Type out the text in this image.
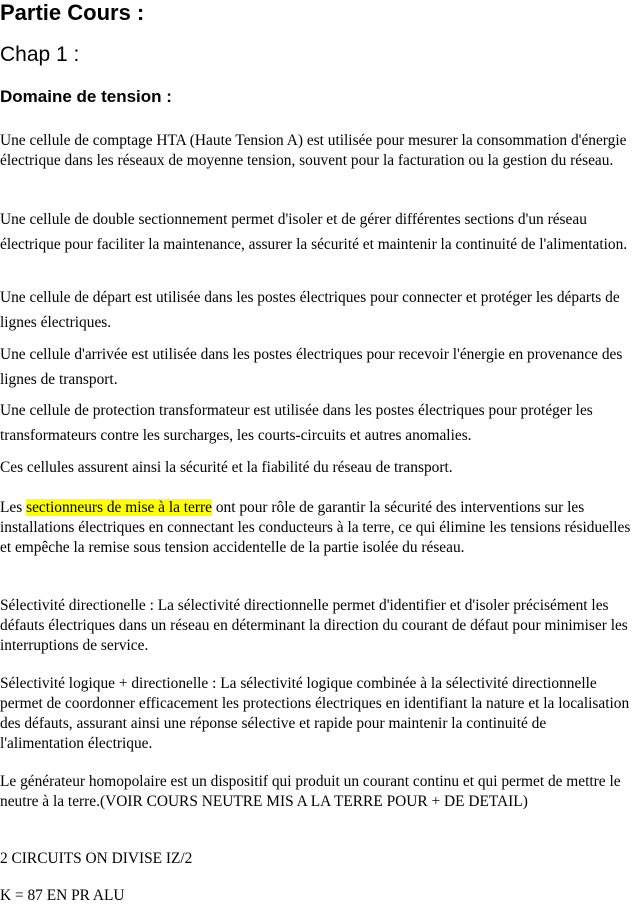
Partie Cours :
Chap 1 :
Domaine de tension :

Une cellule de comptage HTA (Haute Tension A) est utilisée pour mesurer la consommation d'énergie électrique dans les réseaux de moyenne tension, souvent pour la facturation ou la gestion du réseau.

Une cellule de double sectionnement permet d'isoler et de gérer différentes sections d'un réseau électrique pour faciliter la maintenance, assurer la sécurité et maintenir la continuité de l'alimentation.

Une cellule de départ est utilisée dans les postes électriques pour connecter et protéger les départs de lignes électriques.

Une cellule d'arrivée est utilisée dans les postes électriques pour recevoir l'énergie en provenance des lignes de transport.

Une cellule de protection transformateur est utilisée dans les postes électriques pour protéger les transformateurs contre les surcharges, les courts-circuits et autres anomalies.

Ces cellules assurent ainsi la sécurité et la fiabilité du réseau de transport.

Les sectionneurs de mise à la terre ont pour rôle de garantir la sécurité des interventions sur les installations électriques en connectant les conducteurs à la terre, ce qui élimine les tensions résiduelles et empêche la remise sous tension accidentelle de la partie isolée du réseau.

Sélectivité directionelle : La sélectivité directionnelle permet d'identifier et d'isoler précisément les défauts électriques dans un réseau en déterminant la direction du courant de défaut pour minimiser les interruptions de service.

Sélectivité logique + directionelle : La sélectivité logique combinée à la sélectivité directionnelle permet de coordonner efficacement les protections électriques en identifiant la nature et la localisation des défauts, assurant ainsi une réponse sélective et rapide pour maintenir la continuité de l'alimentation électrique.

Le générateur homopolaire est un dispositif qui produit un courant continu et qui permet de mettre le neutre à la terre.(VOIR COURS NEUTRE MIS A LA TERRE POUR + DE DETAIL)

2 CIRCUITS ON DIVISE IZ/2

K = 87 EN PR ALU
